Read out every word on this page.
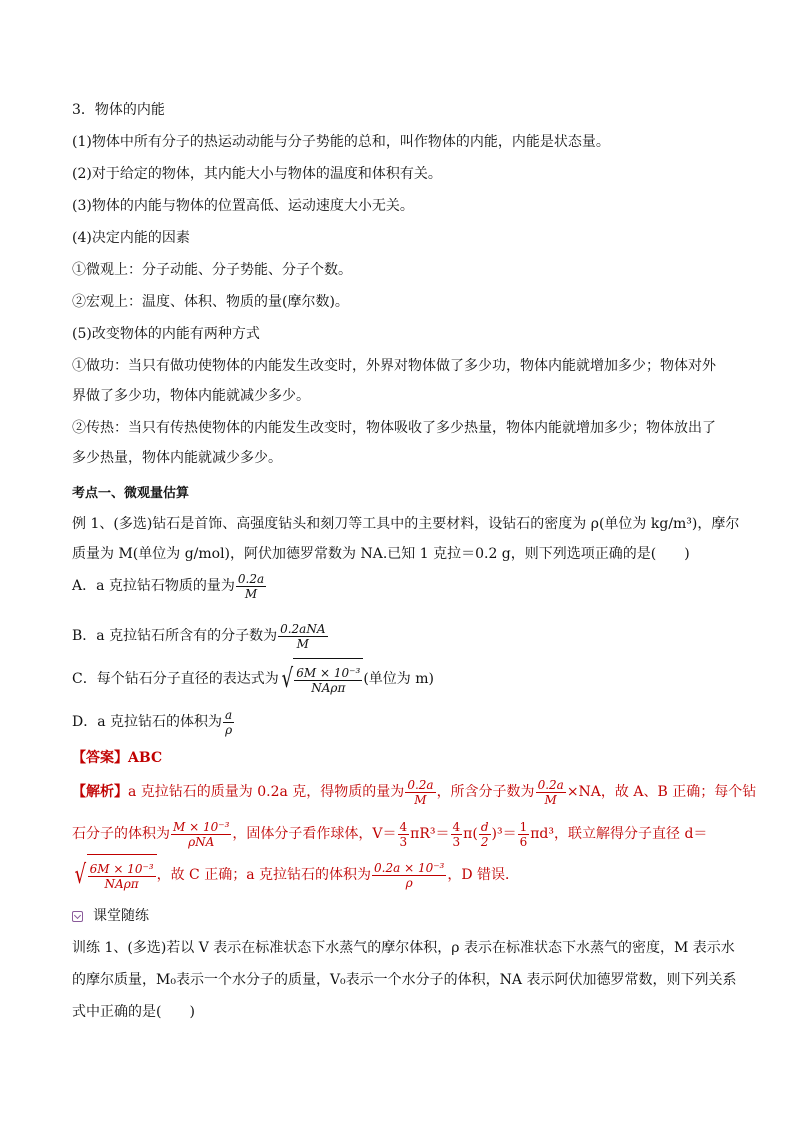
3．物体的内能
(1)物体中所有分子的热运动动能与分子势能的总和，叫作物体的内能，内能是状态量。
(2)对于给定的物体，其内能大小与物体的温度和体积有关。
(3)物体的内能与物体的位置高低、运动速度大小无关。
(4)决定内能的因素
①微观上：分子动能、分子势能、分子个数。
②宏观上：温度、体积、物质的量(摩尔数)。
(5)改变物体的内能有两种方式
①做功：当只有做功使物体的内能发生改变时，外界对物体做了多少功，物体内能就增加多少；物体对外
界做了多少功，物体内能就减少多少。
②传热：当只有传热使物体的内能发生改变时，物体吸收了多少热量，物体内能就增加多少；物体放出了
多少热量，物体内能就减少多少。
考点一、微观量估算
例 1、(多选)钻石是首饰、高强度钻头和刻刀等工具中的主要材料，设钻石的密度为 ρ(单位为 kg/m³)，摩尔
质量为 M(单位为 g/mol)，阿伏加德罗常数为 NA.已知 1 克拉＝0.2 g，则下列选项正确的是(　　)
A．a 克拉钻石物质的量为 $\frac{0.2a}{M}$
B．a 克拉钻石所含有的分子数为 $\frac{\text{0.2aNA}}{M}$
C．每个钻石分子直径的表达式为 √ $\frac{\text{6M × 10⁻³}}{\text{NAρπ}}$ (单位为 m)
D．a 克拉钻石的体积为 $\frac{a}{\rho}$
【答案】ABC
【解析】a 克拉钻石的质量为 0.2a 克，得物质的量为 $\frac{0.2a}{M}$ ，所含分子数为 $\frac{0.2a}{M} \times NA$，故 A、B 正确；每个钻
石分子的体积为 $\frac{\text{M × 10⁻³}}{\text{ρNA}}$ ，固体分子看作球体，$V= \frac{4}{3} \pi R^3= \frac{4}{3} \pi( \frac{d}{2} )^3= \frac{1}{6} \pi d^3$，联立解得分子直径 d＝
√ $\frac{\text{6M × 10⁻³}}{\text{NAρπ}}$ ，故 C 正确；a 克拉钻石的体积为 $\frac{\text{0.2a × 10⁻³}}{\rho}$ ，D 错误．
课堂随练
训练 1、(多选)若以 V 表示在标准状态下水蒸气的摩尔体积，ρ 表示在标准状态下水蒸气的密度，M 表示水
的摩尔质量，M₀表示一个水分子的质量，V₀表示一个水分子的体积，NA 表示阿伏加德罗常数，则下列关系
式中正确的是(　　)
